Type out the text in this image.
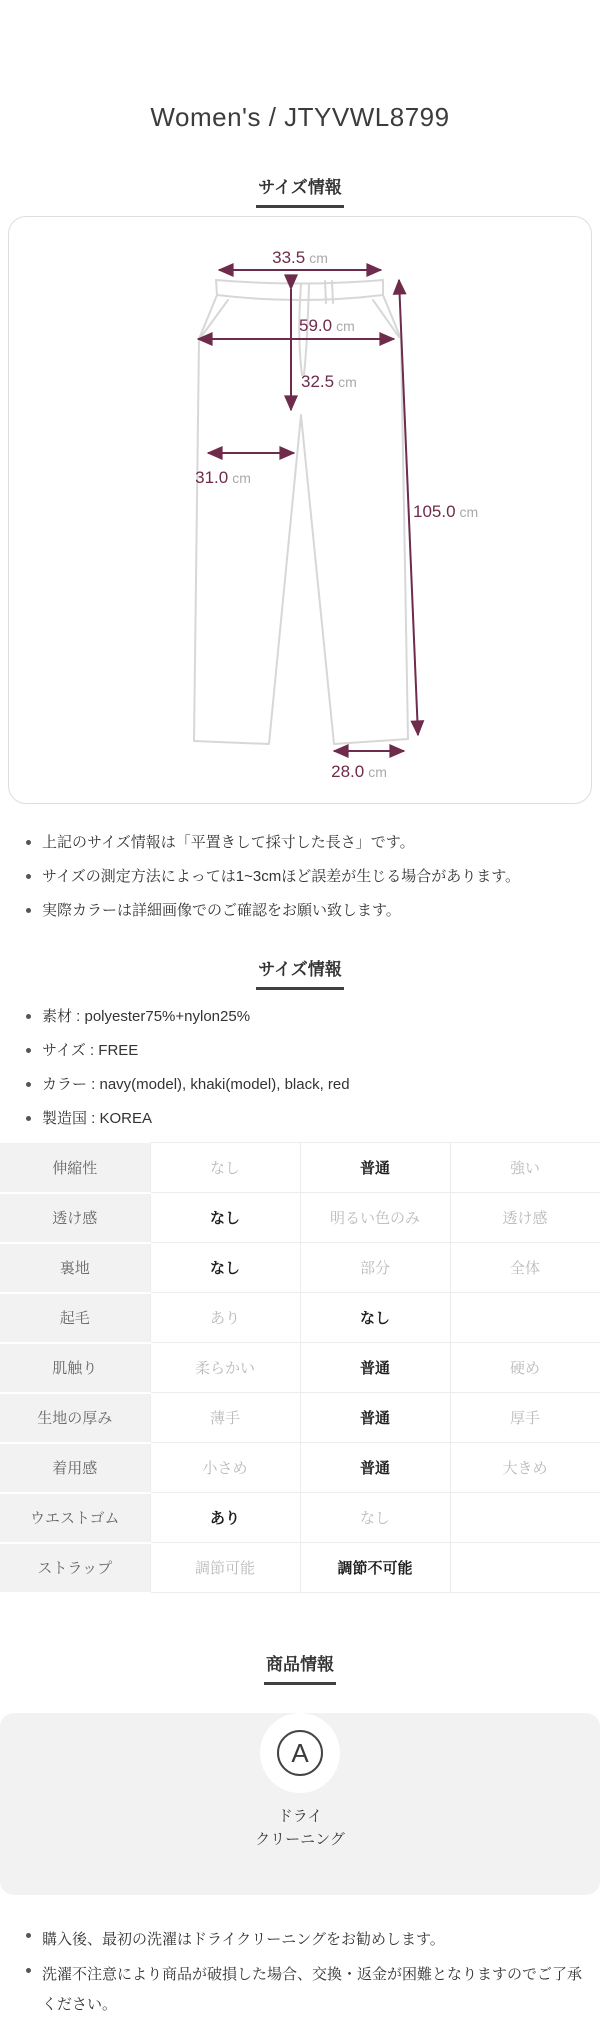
Women's / JTYVWL8799
サイズ情報
33.5 cm
59.0 cm
32.5 cm
31.0 cm
105.0 cm
28.0 cm
上記のサイズ情報は「平置きして採寸した長さ」です。
サイズの測定方法によっては1~3cmほど誤差が生じる場合があります。
実際カラーは詳細画像でのご確認をお願い致します。
サイズ情報
素材 : polyester75%+nylon25%
サイズ : FREE
カラー : navy(model), khaki(model), black, red
製造国 : KOREA
伸縮性	なし	普通	強い
透け感	なし	明るい色のみ	透け感
裏地	なし	部分	全体
起毛	あり	なし	
肌触り	柔らかい	普通	硬め
生地の厚み	薄手	普通	厚手
着用感	小さめ	普通	大きめ
ウエストゴム	あり	なし	
ストラップ	調節可能	調節不可能	
商品情報
A
ドライ
クリーニング
購入後、最初の洗濯はドライクリーニングをお勧めします。
洗濯不注意により商品が破損した場合、交換・返金が困難となりますのでご了承ください。
